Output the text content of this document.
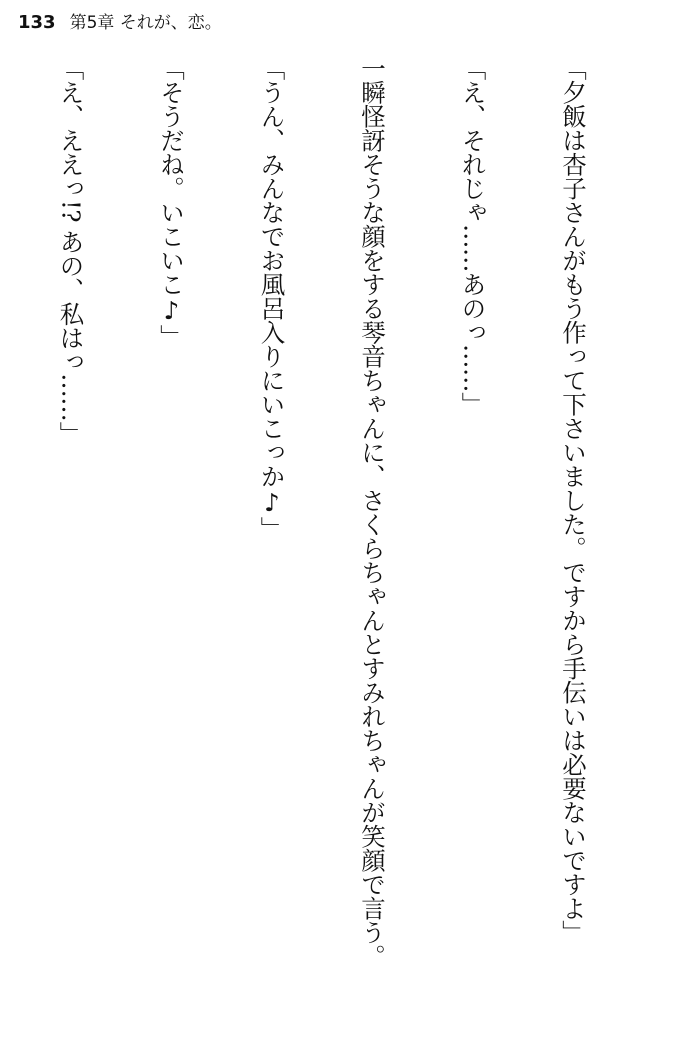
133 第5章 それが、恋。

「夕飯は杏子さんがもう作って下さいました。ですから手伝いは必要ないですよ」

「え、それじゃ……あのっ……」

一瞬怪訝そうな顔をする琴音ちゃんに、さくらちゃんとすみれちゃんが笑顔で言う。

「うん、みんなでお風呂入りにいこっか♪」

「そうだね。いこいこ♪」

「え、ええっ!? あの、私はっ……」
